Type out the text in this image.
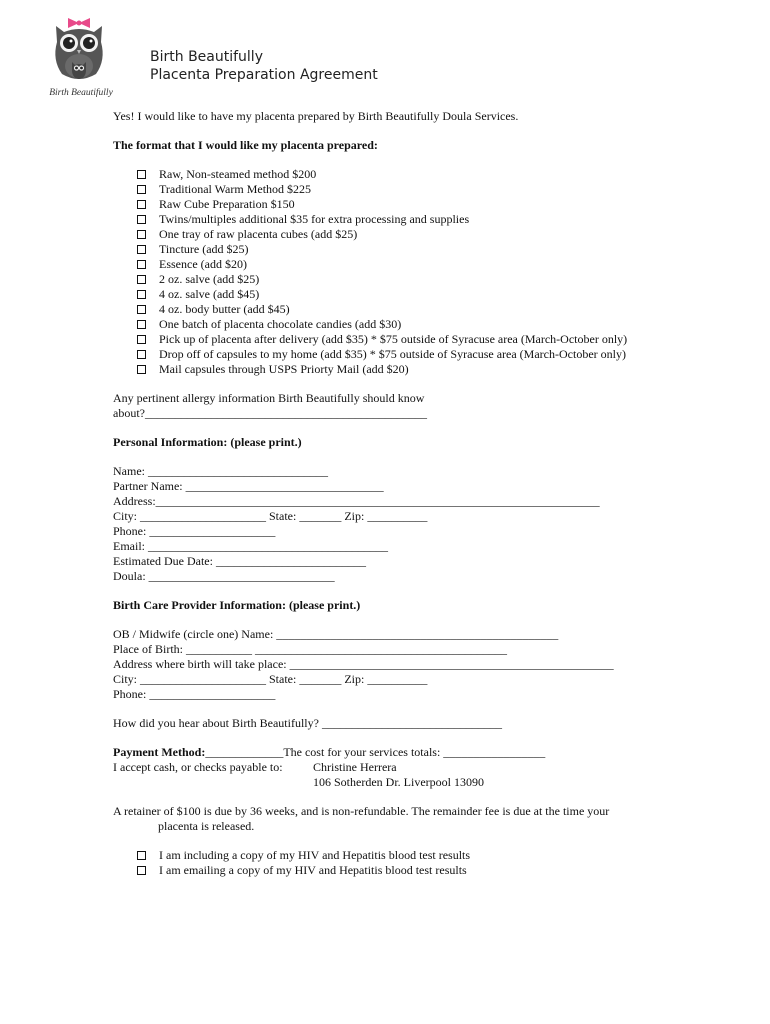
Birth Beautifully
Birth Beautifully
Placenta Preparation Agreement
Yes! I would like to have my placenta prepared by Birth Beautifully Doula Services.
The format that I would like my placenta prepared:
Raw, Non-steamed method $200
Traditional Warm Method $225
Raw Cube Preparation $150
Twins/multiples additional $35 for extra processing and supplies
One tray of raw placenta cubes (add $25)
Tincture (add $25)
Essence (add $20)
2 oz. salve (add $25)
4 oz. salve (add $45)
4 oz. body butter (add $45)
One batch of placenta chocolate candies (add $30)
Pick up of placenta after delivery (add $35) * $75 outside of Syracuse area (March-October only)
Drop off of capsules to my home (add $35) * $75 outside of Syracuse area (March-October only)
Mail capsules through USPS Priorty Mail (add $20)
Any pertinent allergy information Birth Beautifully should know
about?_______________________________________________
Personal Information: (please print.)
Name: ______________________________
Partner Name: _________________________________
Address:__________________________________________________________________________
City: _____________________ State: _______ Zip: __________
Phone: _____________________
Email: ________________________________________
Estimated Due Date: _________________________
Doula: _______________________________
Birth Care Provider Information: (please print.)
OB / Midwife (circle one) Name: _______________________________________________
Place of Birth: ___________ __________________________________________
Address where birth will take place: ______________________________________________________
City: _____________________ State: _______ Zip: __________
Phone: _____________________
How did you hear about Birth Beautifully? ______________________________
Payment Method:_____________The cost for your services totals: _________________
I accept cash, or checks payable to:	Christine Herrera
106 Sotherden Dr. Liverpool 13090
A retainer of $100 is due by 36 weeks, and is non-refundable. The remainder fee is due at the time your
placenta is released.
I am including a copy of my HIV and Hepatitis blood test results
I am emailing a copy of my HIV and Hepatitis blood test results
